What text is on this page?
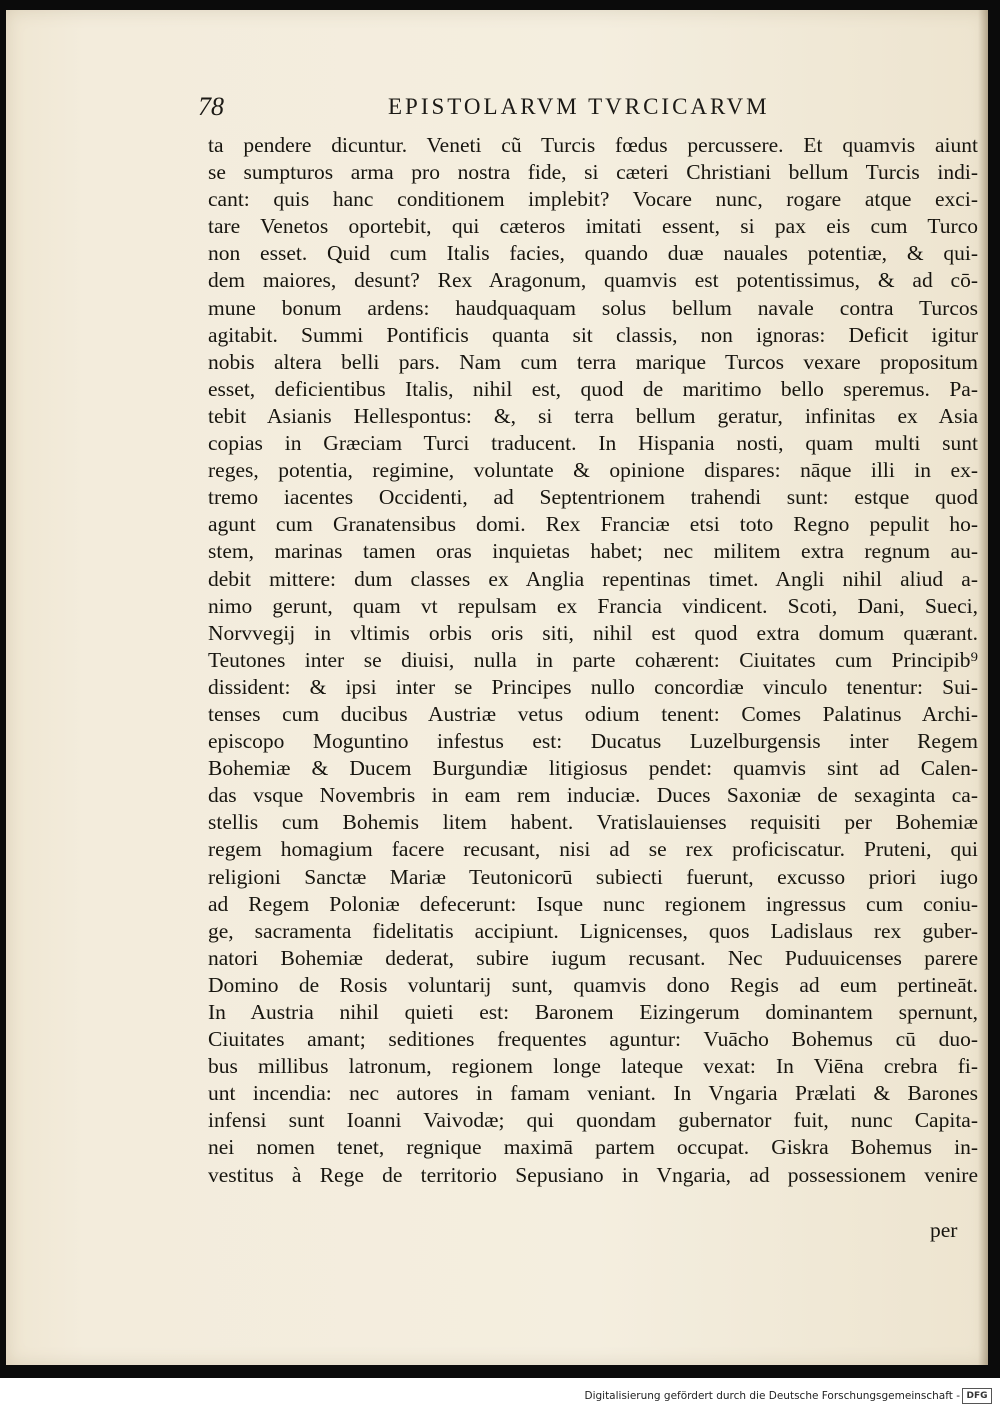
78	EPISTOLARVM TVRCICARVM
ta pendere dicuntur. Veneti cũ Turcis fœdus percussere. Et quamvis aiunt
se sumpturos arma pro nostra fide, si cæteri Christiani bellum Turcis indi-
cant: quis hanc conditionem implebit? Vocare nunc, rogare atque exci-
tare Venetos oportebit, qui cæteros imitati essent, si pax eis cum Turco
non esset. Quid cum Italis facies, quando duæ nauales potentiæ, & qui-
dem maiores, desunt? Rex Aragonum, quamvis est potentissimus, & ad cō-
mune bonum ardens: haudquaquam solus bellum navale contra Turcos
agitabit. Summi Pontificis quanta sit classis, non ignoras: Deficit igitur
nobis altera belli pars. Nam cum terra marique Turcos vexare propositum
esset, deficientibus Italis, nihil est, quod de maritimo bello speremus. Pa-
tebit Asianis Hellespontus: &, si terra bellum geratur, infinitas ex Asia
copias in Græciam Turci traducent. In Hispania nosti, quam multi sunt
reges, potentia, regimine, voluntate & opinione dispares: nāque illi in ex-
tremo iacentes Occidenti, ad Septentrionem trahendi sunt: estque quod
agunt cum Granatensibus domi. Rex Franciæ etsi toto Regno pepulit ho-
stem, marinas tamen oras inquietas habet; nec militem extra regnum au-
debit mittere: dum classes ex Anglia repentinas timet. Angli nihil aliud a-
nimo gerunt, quam vt repulsam ex Francia vindicent. Scoti, Dani, Sueci,
Norvvegij in vltimis orbis oris siti, nihil est quod extra domum quærant.
Teutones inter se diuisi, nulla in parte cohærent: Ciuitates cum Principib⁹
dissident: & ipsi inter se Principes nullo concordiæ vinculo tenentur: Sui-
tenses cum ducibus Austriæ vetus odium tenent: Comes Palatinus Archi-
episcopo Moguntino infestus est: Ducatus Luzelburgensis inter Regem
Bohemiæ & Ducem Burgundiæ litigiosus pendet: quamvis sint ad Calen-
das vsque Novembris in eam rem induciæ. Duces Saxoniæ de sexaginta ca-
stellis cum Bohemis litem habent. Vratislauienses requisiti per Bohemiæ
regem homagium facere recusant, nisi ad se rex proficiscatur. Pruteni, qui
religioni Sanctæ Mariæ Teutonicorū subiecti fuerunt, excusso priori iugo
ad Regem Poloniæ defecerunt: Isque nunc regionem ingressus cum coniu-
ge, sacramenta fidelitatis accipiunt. Lignicenses, quos Ladislaus rex guber-
natori Bohemiæ dederat, subire iugum recusant. Nec Puduuicenses parere
Domino de Rosis voluntarij sunt, quamvis dono Regis ad eum pertineāt.
In Austria nihil quieti est: Baronem Eizingerum dominantem spernunt,
Ciuitates amant; seditiones frequentes aguntur: Vuācho Bohemus cū duo-
bus millibus latronum, regionem longe lateque vexat: In Viēna crebra fi-
unt incendia: nec autores in famam veniant. In Vngaria Prælati & Barones
infensi sunt Ioanni Vaivodæ; qui quondam gubernator fuit, nunc Capita-
nei nomen tenet, regnique maximā partem occupat. Giskra Bohemus in-
vestitus à Rege de territorio Sepusiano in Vngaria, ad possessionem venire
per
Digitalisierung gefördert durch die Deutsche Forschungsgemeinschaft - DFG
